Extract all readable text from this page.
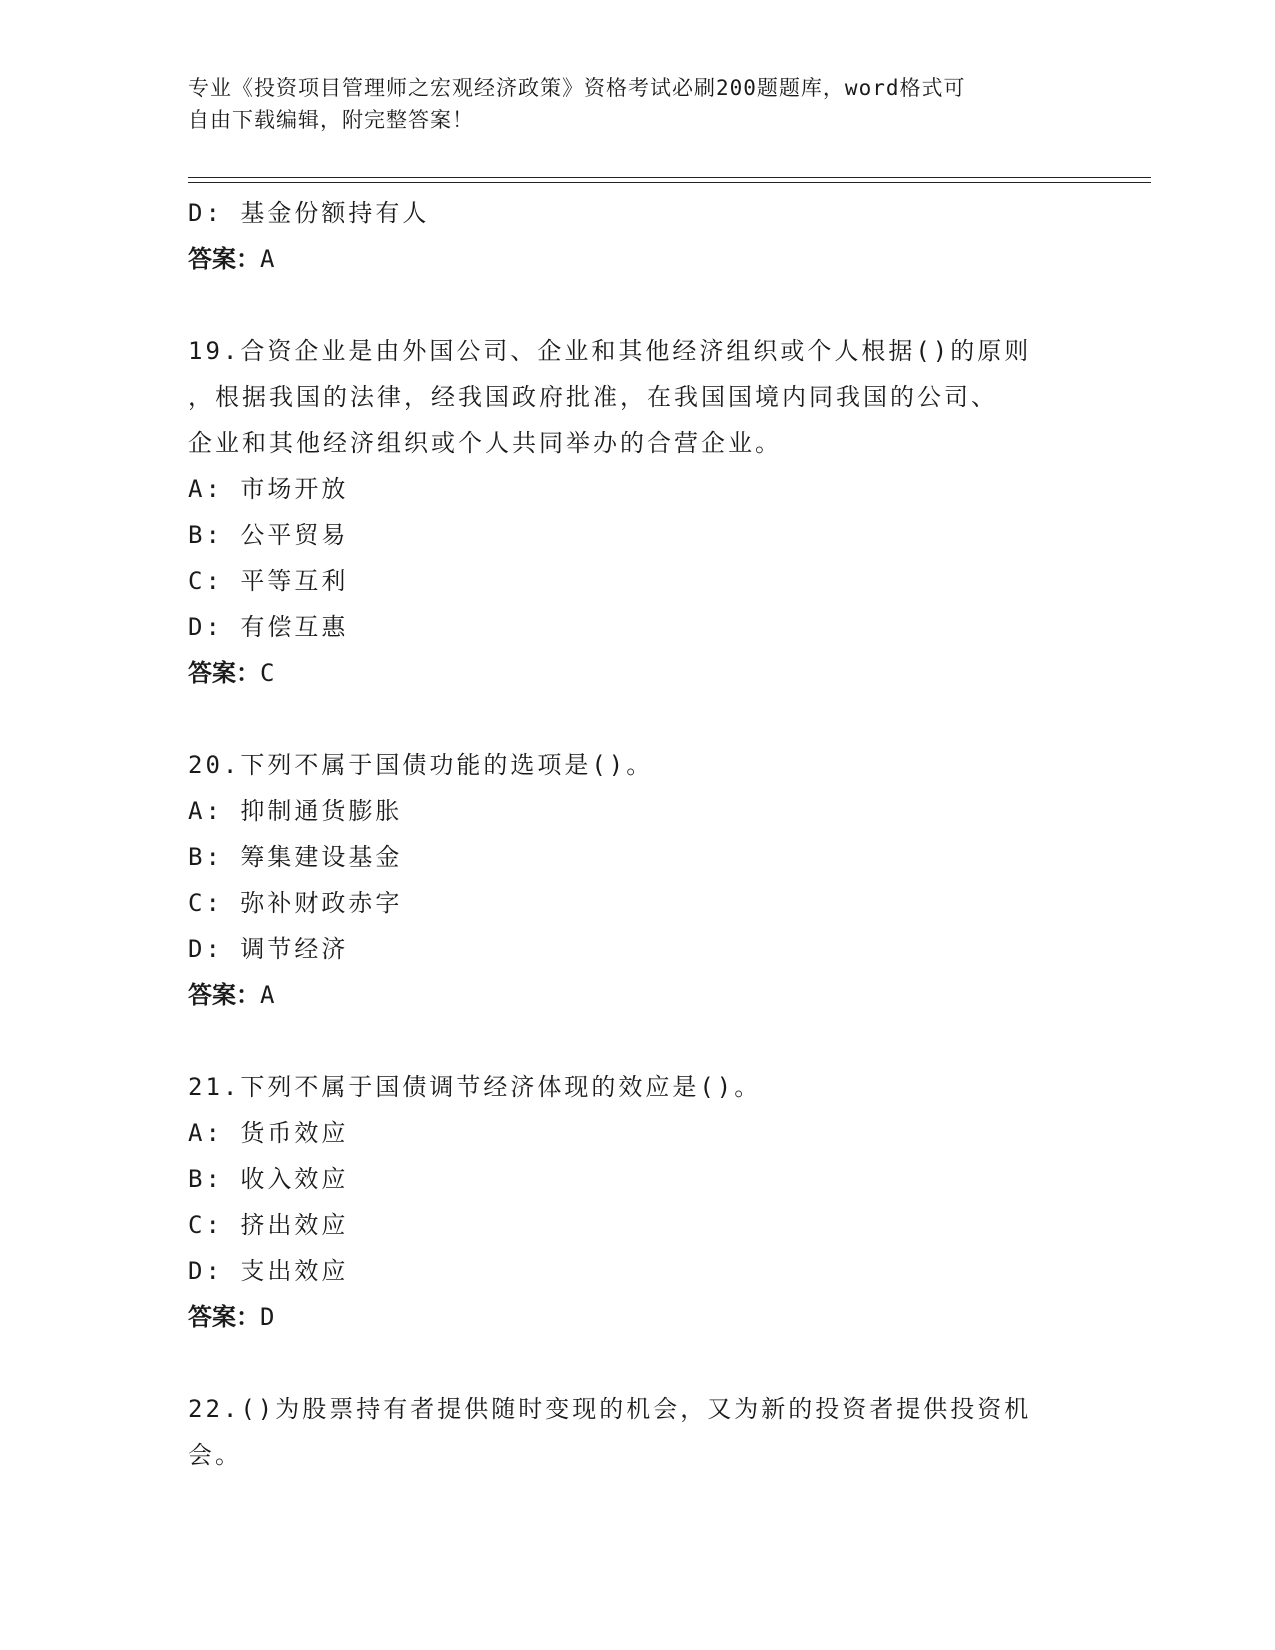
专业《投资项目管理师之宏观经济政策》资格考试必刷200题题库，word格式可
自由下载编辑，附完整答案！
D: 基金份额持有人
答案：A
19.合资企业是由外国公司、企业和其他经济组织或个人根据()的原则
，根据我国的法律，经我国政府批准，在我国国境内同我国的公司、
企业和其他经济组织或个人共同举办的合营企业。
A: 市场开放
B: 公平贸易
C: 平等互利
D: 有偿互惠
答案：C
20.下列不属于国债功能的选项是()。
A: 抑制通货膨胀
B: 筹集建设基金
C: 弥补财政赤字
D: 调节经济
答案：A
21.下列不属于国债调节经济体现的效应是()。
A: 货币效应
B: 收入效应
C: 挤出效应
D: 支出效应
答案：D
22.()为股票持有者提供随时变现的机会，又为新的投资者提供投资机
会。
